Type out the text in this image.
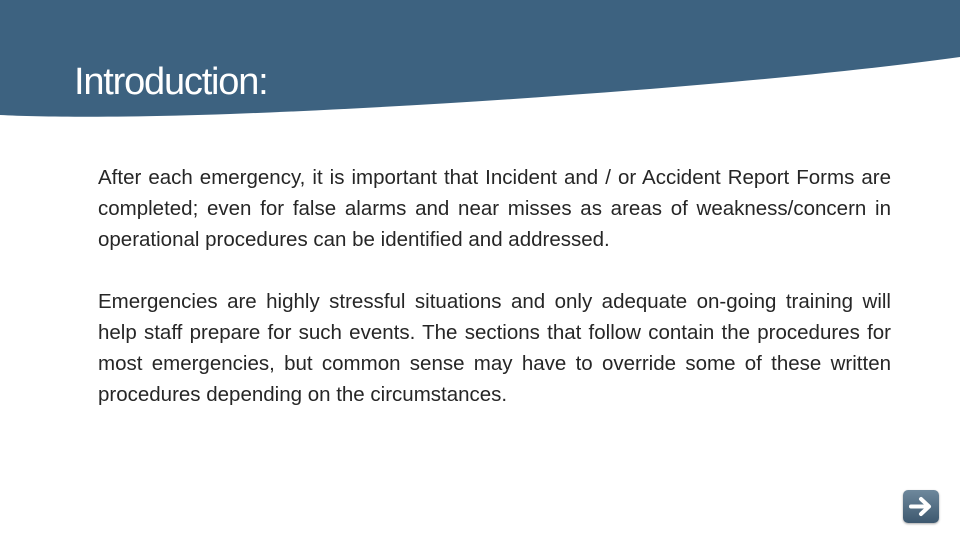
Introduction:

After each emergency, it is important that Incident and / or Accident Report Forms are completed; even for false alarms and near misses as areas of weakness/concern in operational procedures can be identified and addressed.

Emergencies are highly stressful situations and only adequate on-going training will help staff prepare for such events. The sections that follow contain the procedures for most emergencies, but common sense may have to override some of these written procedures depending on the circumstances.
